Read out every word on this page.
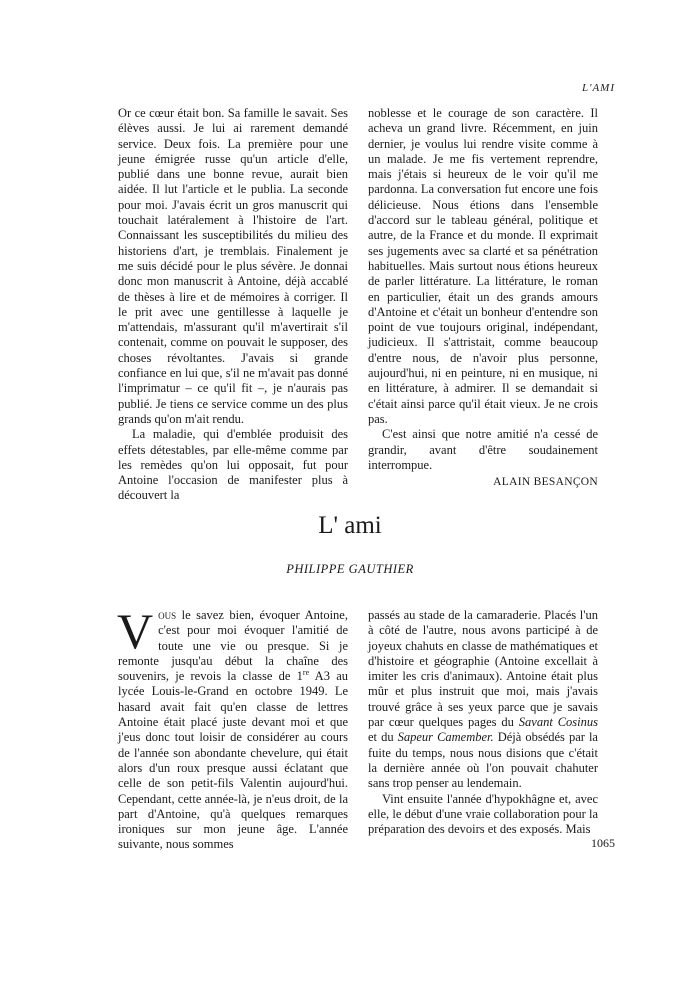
L'AMI

Or ce cœur était bon. Sa famille le savait. Ses élèves aussi. Je lui ai rarement demandé service. Deux fois. La première pour une jeune émigrée russe qu'un article d'elle, publié dans une bonne revue, aurait bien aidée. Il lut l'article et le publia. La seconde pour moi. J'avais écrit un gros manuscrit qui touchait latéralement à l'histoire de l'art. Connaissant les susceptibilités du milieu des historiens d'art, je tremblais. Finalement je me suis décidé pour le plus sévère. Je donnai donc mon manuscrit à Antoine, déjà accablé de thèses à lire et de mémoires à corriger. Il le prit avec une gentillesse à laquelle je m'attendais, m'assurant qu'il m'avertirait s'il contenait, comme on pouvait le supposer, des choses révoltantes. J'avais si grande confiance en lui que, s'il ne m'avait pas donné l'imprimatur – ce qu'il fit –, je n'aurais pas publié. Je tiens ce service comme un des plus grands qu'on m'ait rendu.

La maladie, qui d'emblée produisit des effets détestables, par elle-même comme par les remèdes qu'on lui opposait, fut pour Antoine l'occasion de manifester plus à découvert la

noblesse et le courage de son caractère. Il acheva un grand livre. Récemment, en juin dernier, je voulus lui rendre visite comme à un malade. Je me fis vertement reprendre, mais j'étais si heureux de le voir qu'il me pardonna. La conversation fut encore une fois délicieuse. Nous étions dans l'ensemble d'accord sur le tableau général, politique et autre, de la France et du monde. Il exprimait ses jugements avec sa clarté et sa pénétration habituelles. Mais surtout nous étions heureux de parler littérature. La littérature, le roman en particulier, était un des grands amours d'Antoine et c'était un bonheur d'entendre son point de vue toujours original, indépendant, judicieux. Il s'attristait, comme beaucoup d'entre nous, de n'avoir plus personne, aujourd'hui, ni en peinture, ni en musique, ni en littérature, à admirer. Il se demandait si c'était ainsi parce qu'il était vieux. Je ne crois pas.

C'est ainsi que notre amitié n'a cessé de grandir, avant d'être soudainement interrompue.

ALAIN BESANÇON
L' ami
PHILIPPE GAUTHIER

Vous le savez bien, évoquer Antoine, c'est pour moi évoquer l'amitié de toute une vie ou presque. Si je remonte jusqu'au début la chaîne des souvenirs, je revois la classe de 1re A3 au lycée Louis-le-Grand en octobre 1949. Le hasard avait fait qu'en classe de lettres Antoine était placé juste devant moi et que j'eus donc tout loisir de considérer au cours de l'année son abondante chevelure, qui était alors d'un roux presque aussi éclatant que celle de son petit-fils Valentin aujourd'hui. Cependant, cette année-là, je n'eus droit, de la part d'Antoine, qu'à quelques remarques ironiques sur mon jeune âge. L'année suivante, nous sommes

passés au stade de la camaraderie. Placés l'un à côté de l'autre, nous avons participé à de joyeux chahuts en classe de mathématiques et d'histoire et géographie (Antoine excellait à imiter les cris d'animaux). Antoine était plus mûr et plus instruit que moi, mais j'avais trouvé grâce à ses yeux parce que je savais par cœur quelques pages du Savant Cosinus et du Sapeur Camember. Déjà obsédés par la fuite du temps, nous nous disions que c'était la dernière année où l'on pouvait chahuter sans trop penser au lendemain.

Vint ensuite l'année d'hypokhâgne et, avec elle, le début d'une vraie collaboration pour la préparation des devoirs et des exposés. Mais

1065
